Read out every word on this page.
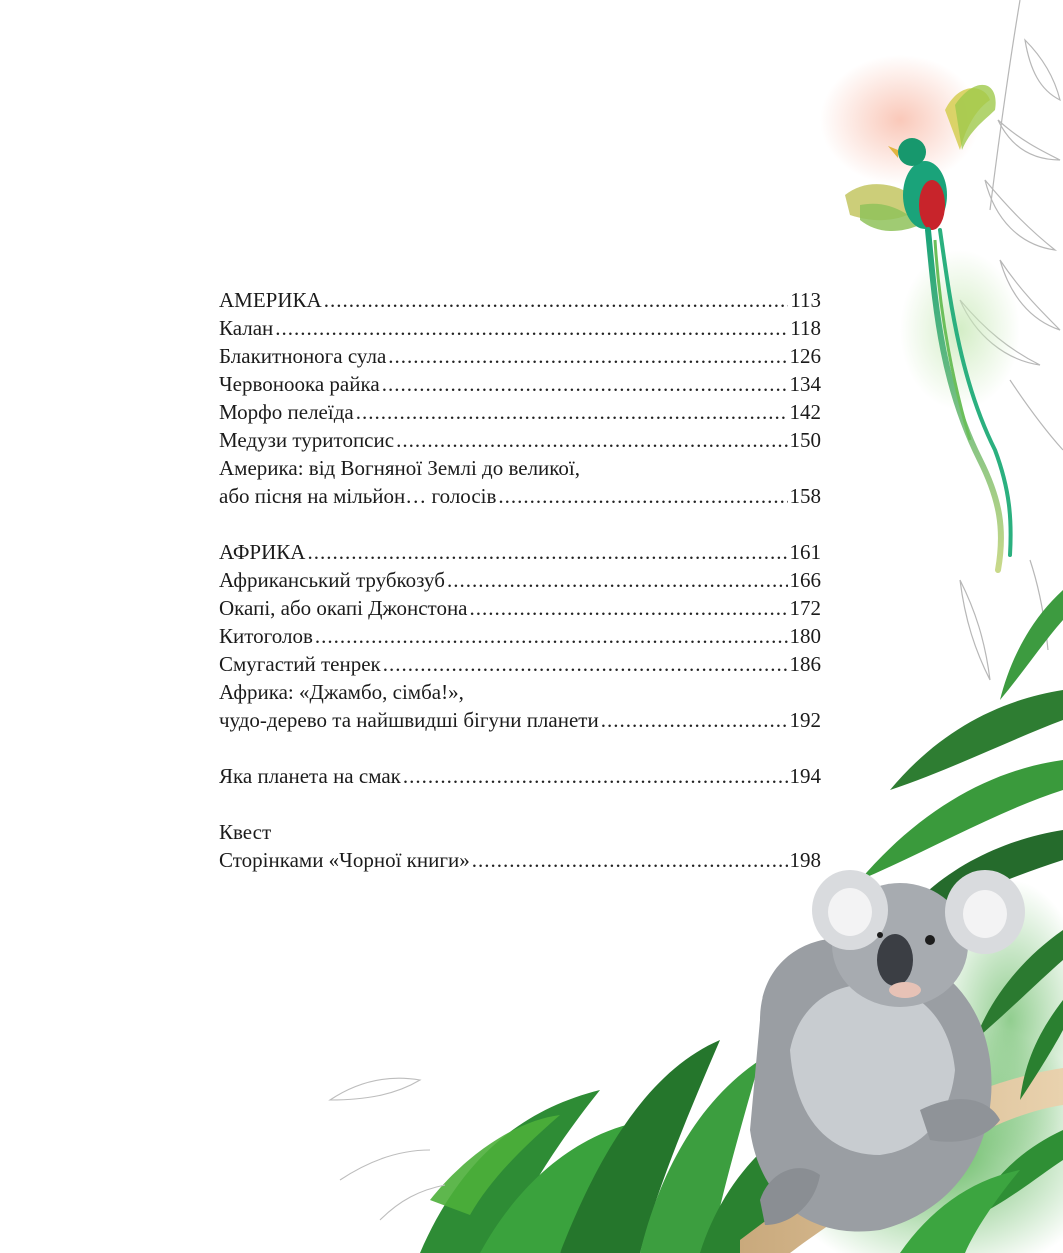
АМЕРИКА .....	113
Калан .....	118
Блакитнонога сула .....	126
Червоноока райка .....	134
Морфо пелеїда .....	142
Медузи туритопсис .....	150
Америка: від Вогняної Землі до великої,
або пісня на мільйон… голосів .....	158
АФРИКА .....	161
Африканський трубкозуб .....	166
Окапі, або окапі Джонстона .....	172
Китоголов .....	180
Смугастий тенрек .....	186
Африка: «Джамбо, сімба!»,
чудо-дерево та найшвидші бігуни планети .....	192
Яка планета на смак .....	194
Квест
Сторінками «Чорної книги» .....	198
